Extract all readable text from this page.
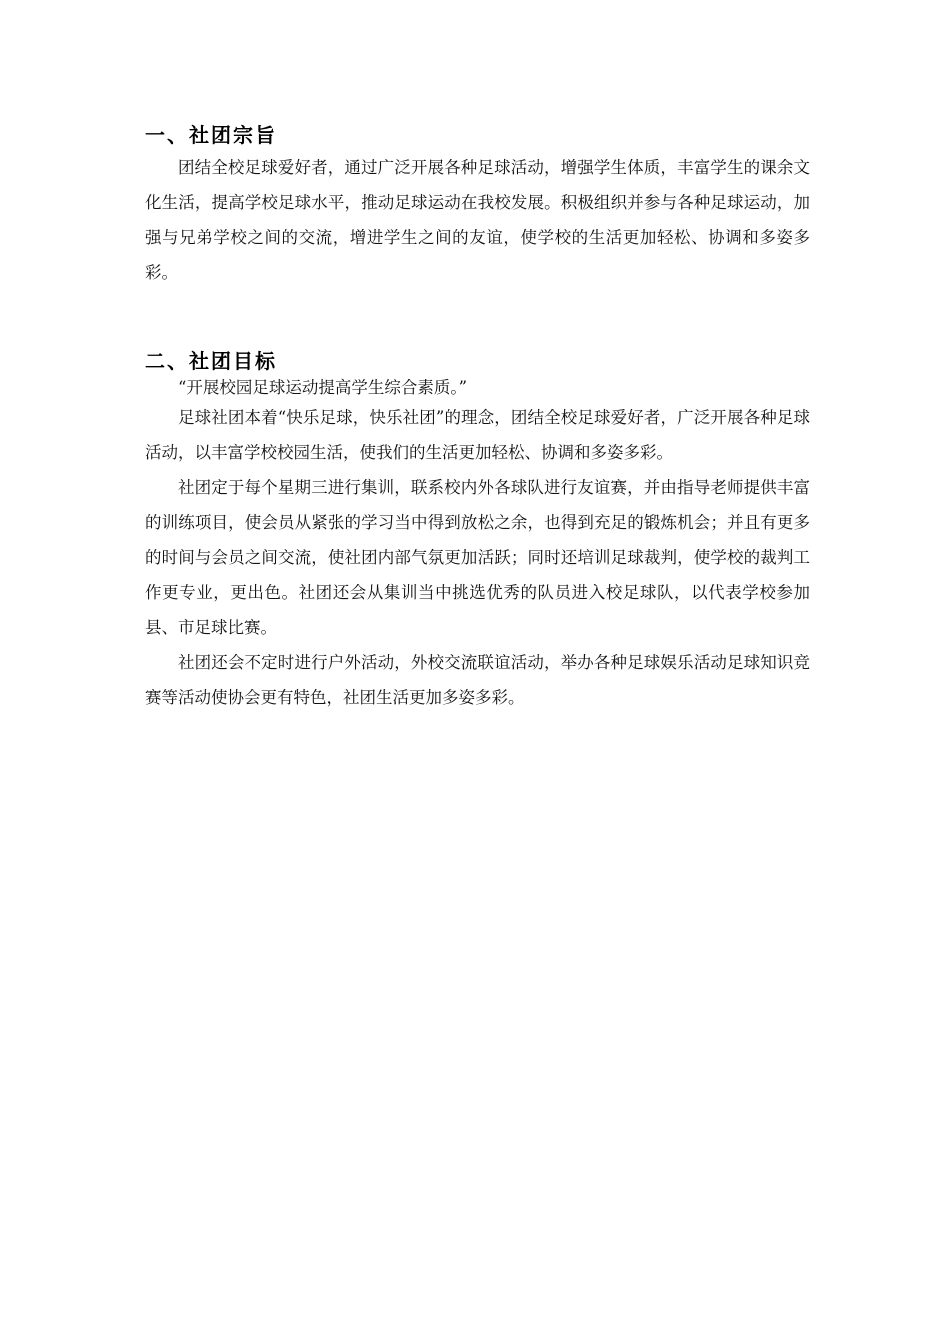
一、社团宗旨

团结全校足球爱好者，通过广泛开展各种足球活动，增强学生体质，丰富学生的课余文化生活，提高学校足球水平，推动足球运动在我校发展。积极组织并参与各种足球运动，加强与兄弟学校之间的交流，增进学生之间的友谊，使学校的生活更加轻松、协调和多姿多彩。

二、社团目标

“开展校园足球运动提高学生综合素质。”

足球社团本着“快乐足球，快乐社团”的理念，团结全校足球爱好者，广泛开展各种足球活动，以丰富学校校园生活，使我们的生活更加轻松、协调和多姿多彩。

社团定于每个星期三进行集训，联系校内外各球队进行友谊赛，并由指导老师提供丰富的训练项目，使会员从紧张的学习当中得到放松之余，也得到充足的锻炼机会；并且有更多的时间与会员之间交流，使社团内部气氛更加活跃；同时还培训足球裁判，使学校的裁判工作更专业，更出色。社团还会从集训当中挑选优秀的队员进入校足球队，以代表学校参加县、市足球比赛。

社团还会不定时进行户外活动，外校交流联谊活动，举办各种足球娱乐活动足球知识竞赛等活动使协会更有特色，社团生活更加多姿多彩。
